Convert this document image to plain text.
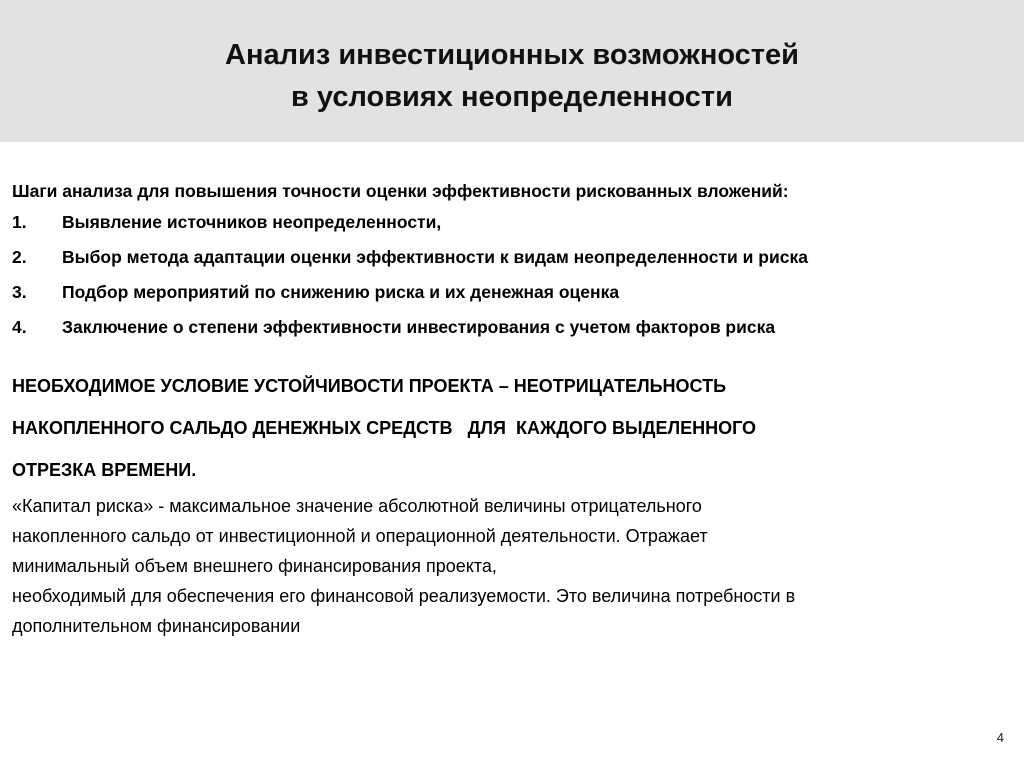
Анализ инвестиционных возможностей
в условиях неопределенности

Шаги анализа для повышения точности оценки эффективности рискованных вложений:

1. Выявление источников неопределенности,
2. Выбор метода адаптации оценки эффективности к видам неопределенности и риска
3. Подбор мероприятий по снижению риска и их денежная оценка
4. Заключение о степени эффективности инвестирования с учетом факторов риска
НЕОБХОДИМОЕ УСЛОВИЕ УСТОЙЧИВОСТИ ПРОЕКТА – НЕОТРИЦАТЕЛЬНОСТЬ
НАКОПЛЕННОГО САЛЬДО ДЕНЕЖНЫХ СРЕДСТВ   ДЛЯ  КАЖДОГО ВЫДЕЛЕННОГО
ОТРЕЗКА ВРЕМЕНИ.
«Капитал риска» - максимальное значение абсолютной величины отрицательного
накопленного сальдо от инвестиционной и операционной деятельности. Отражает
минимальный объем внешнего финансирования проекта,
необходимый для обеспечения его финансовой реализуемости. Это величина потребности в
дополнительном финансировании
4
